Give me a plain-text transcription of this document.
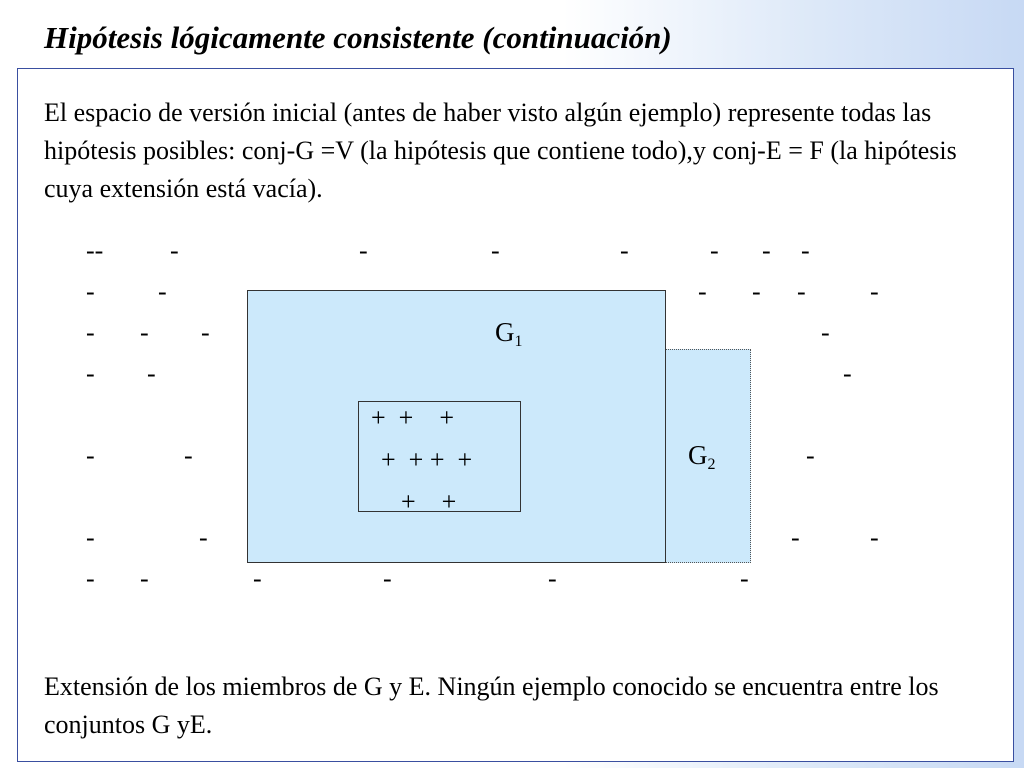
Hipótesis lógicamente consistente (continuación)

El espacio de versión inicial (antes de haber visto algún ejemplo) represente todas las hipótesis posibles: conj-G =V (la hipótesis que contiene todo),y conj-E = F (la hipótesis cuya extensión está vacía).

$G_1$
$G_2$
+  +    +
+  + +  +
+    +
--	-	-	-	-	- - -
- -	- - - -
- - -	-
- -	-
-	-	-
-	-	-	-
- -	-	-	-	-

Extensión de los miembros de G y E. Ningún ejemplo conocido se encuentra entre los conjuntos G yE.
